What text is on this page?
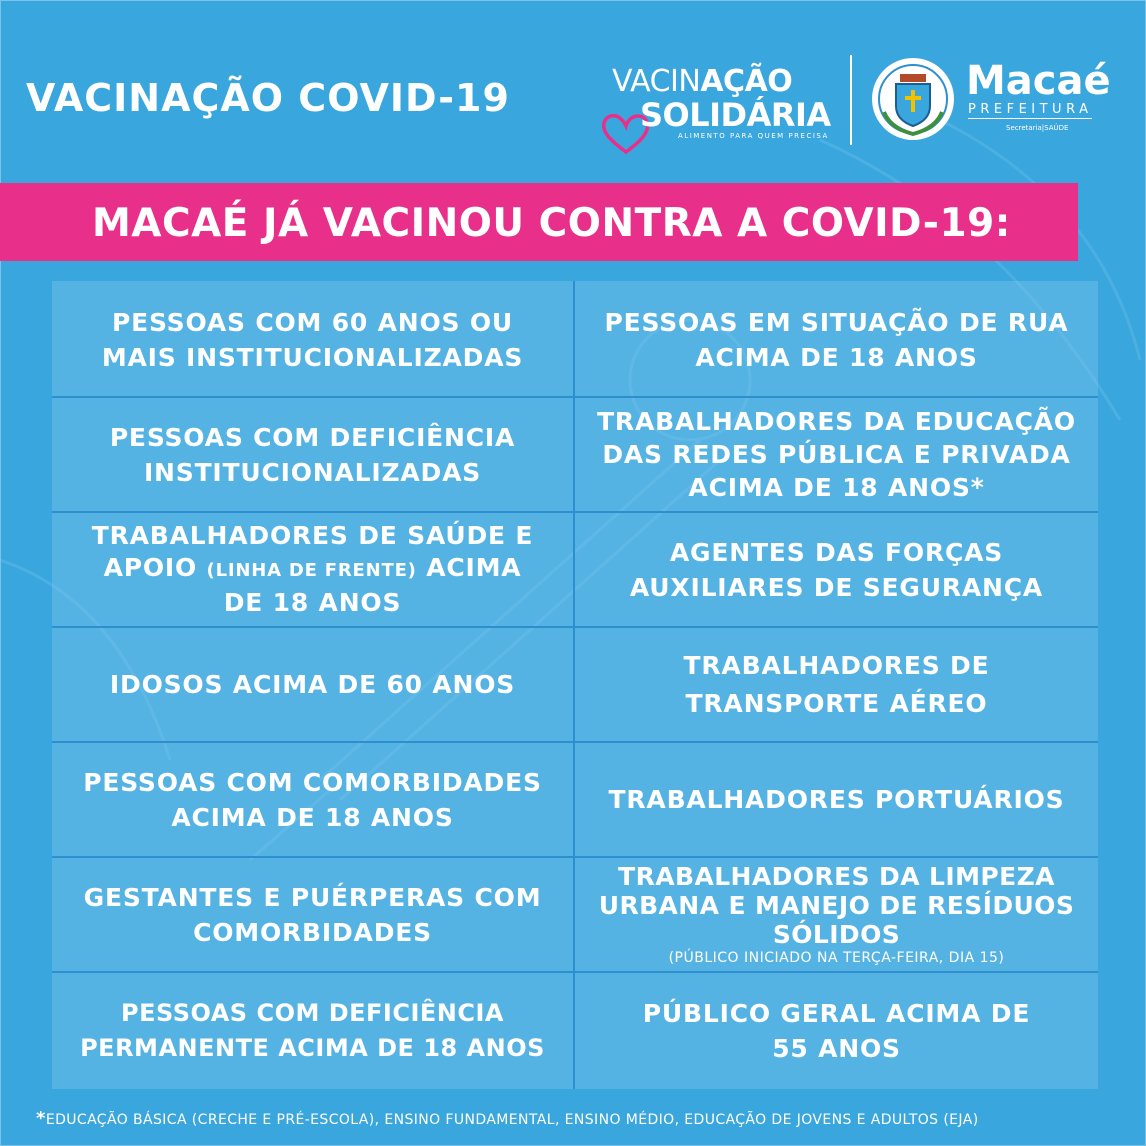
VACINAÇÃO COVID-19	VACINAÇÃO
SOLIDÁRIA
ALIMENTO PARA QUEM PRECISA
Macaé
PREFEITURA
Secretaria|SAÚDE
MACAÉ JÁ VACINOU CONTRA A COVID-19:
PESSOAS COM 60 ANOS OU
MAIS INSTITUCIONALIZADAS
PESSOAS COM DEFICIÊNCIA
INSTITUCIONALIZADAS
TRABALHADORES DE SAÚDE E
APOIO (LINHA DE FRENTE) ACIMA
DE 18 ANOS
IDOSOS ACIMA DE 60 ANOS
PESSOAS COM COMORBIDADES
ACIMA DE 18 ANOS
GESTANTES E PUÉRPERAS COM
COMORBIDADES
PESSOAS COM DEFICIÊNCIA
PERMANENTE ACIMA DE 18 ANOS
PESSOAS EM SITUAÇÃO DE RUA
ACIMA DE 18 ANOS
TRABALHADORES DA EDUCAÇÃO
DAS REDES PÚBLICA E PRIVADA
ACIMA DE 18 ANOS*
AGENTES DAS FORÇAS
AUXILIARES DE SEGURANÇA
TRABALHADORES DE
TRANSPORTE AÉREO
TRABALHADORES PORTUÁRIOS
TRABALHADORES DA LIMPEZA
URBANA E MANEJO DE RESÍDUOS
SÓLIDOS
(PÚBLICO INICIADO NA TERÇA-FEIRA, DIA 15)
PÚBLICO GERAL ACIMA DE
55 ANOS
*EDUCAÇÃO BÁSICA (CRECHE E PRÉ-ESCOLA), ENSINO FUNDAMENTAL, ENSINO MÉDIO, EDUCAÇÃO DE JOVENS E ADULTOS (EJA)
